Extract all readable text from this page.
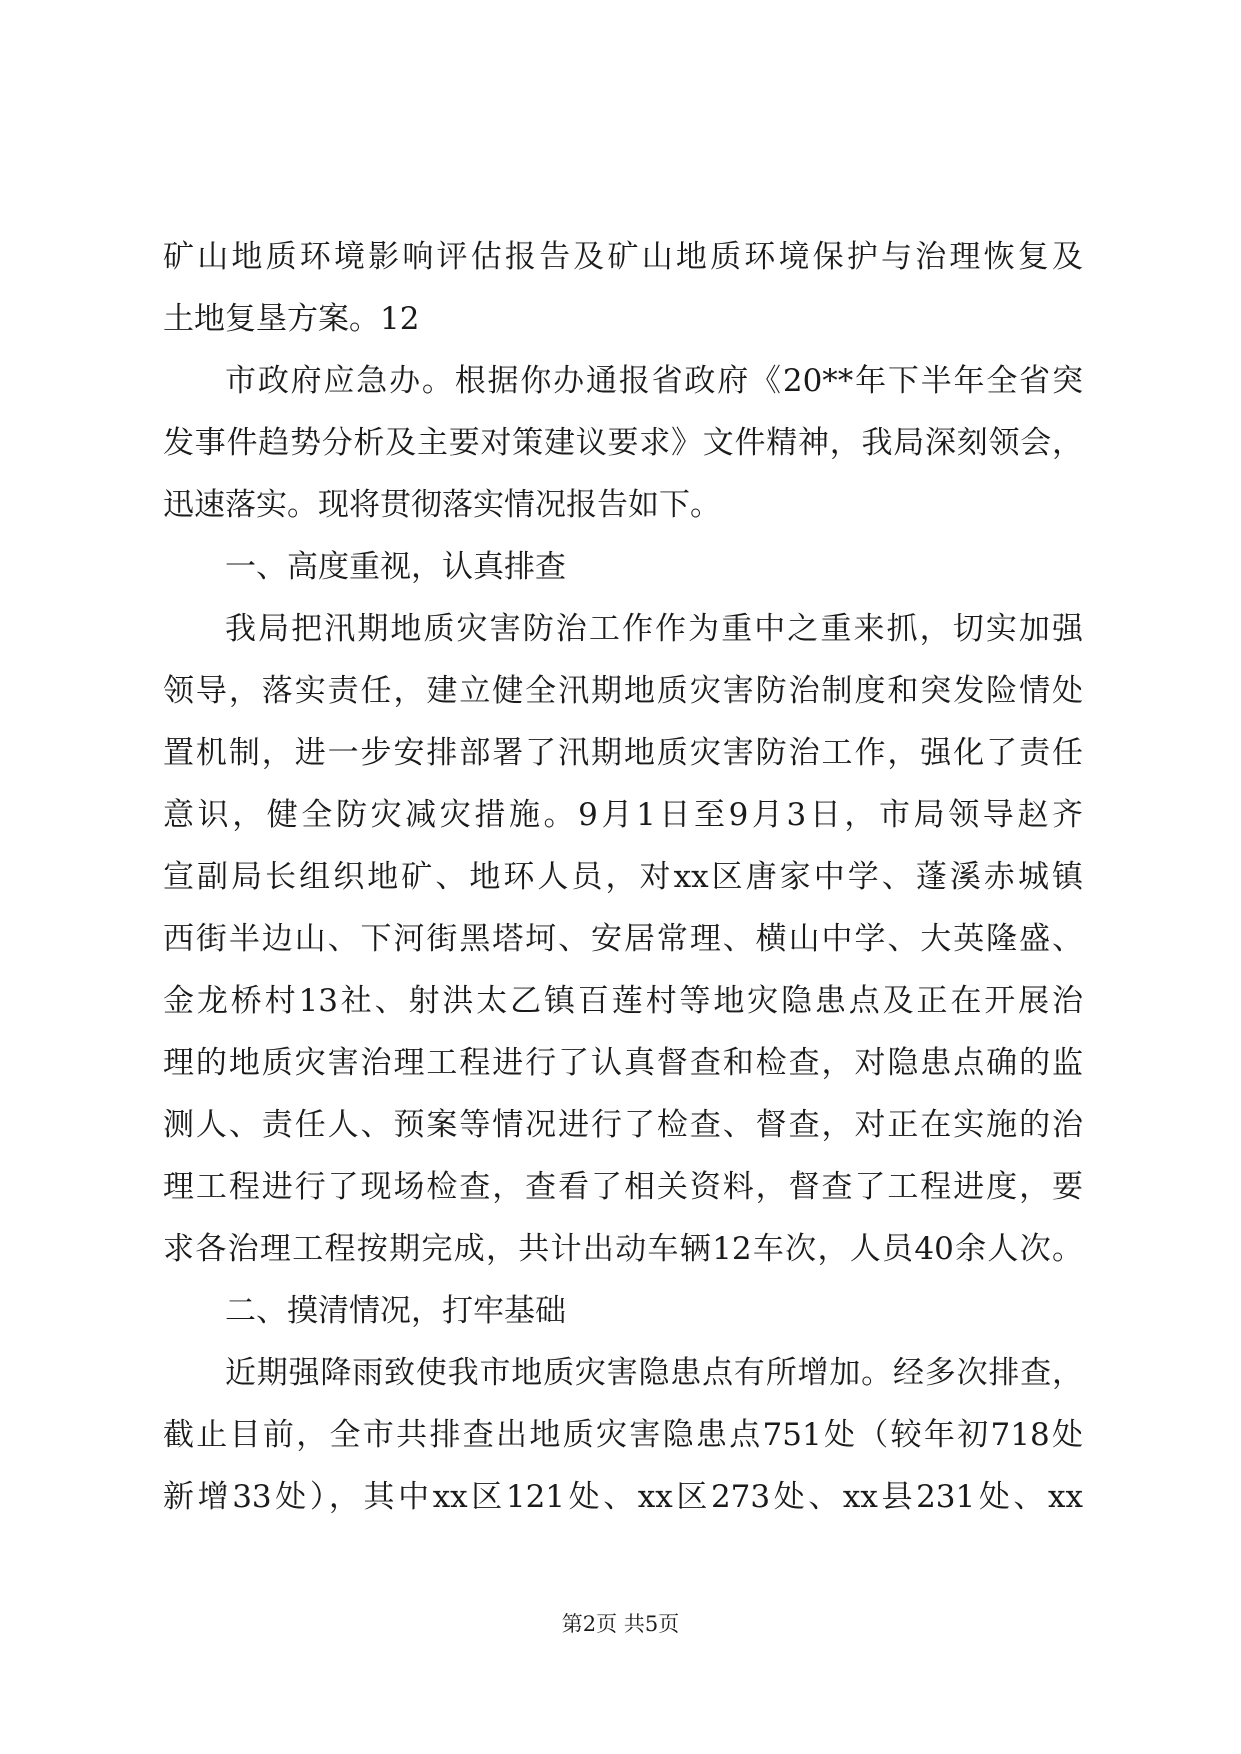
矿山地质环境影响评估报告及矿山地质环境保护与治理恢复及
土地复垦方案。12
市政府应急办。根据你办通报省政府《20**年下半年全省突
发事件趋势分析及主要对策建议要求》文件精神，我局深刻领会，
迅速落实。现将贯彻落实情况报告如下。
一、高度重视，认真排查
我局把汛期地质灾害防治工作作为重中之重来抓，切实加强
领导，落实责任，建立健全汛期地质灾害防治制度和突发险情处
置机制，进一步安排部署了汛期地质灾害防治工作，强化了责任
意识，健全防灾减灾措施。9月1日至9月3日，市局领导赵齐
宣副局长组织地矿、地环人员，对xx区唐家中学、蓬溪赤城镇
西街半边山、下河街黑塔坷、安居常理、横山中学、大英隆盛、
金龙桥村13社、射洪太乙镇百莲村等地灾隐患点及正在开展治
理的地质灾害治理工程进行了认真督查和检查，对隐患点确的监
测人、责任人、预案等情况进行了检查、督查，对正在实施的治
理工程进行了现场检查，查看了相关资料，督查了工程进度，要
求各治理工程按期完成，共计出动车辆12车次，人员40余人次。
二、摸清情况，打牢基础
近期强降雨致使我市地质灾害隐患点有所增加。经多次排查，
截止目前，全市共排查出地质灾害隐患点751处（较年初718处
新增33处），其中xx区121处、xx区273处、xx县231处、xx
第2页 共5页
